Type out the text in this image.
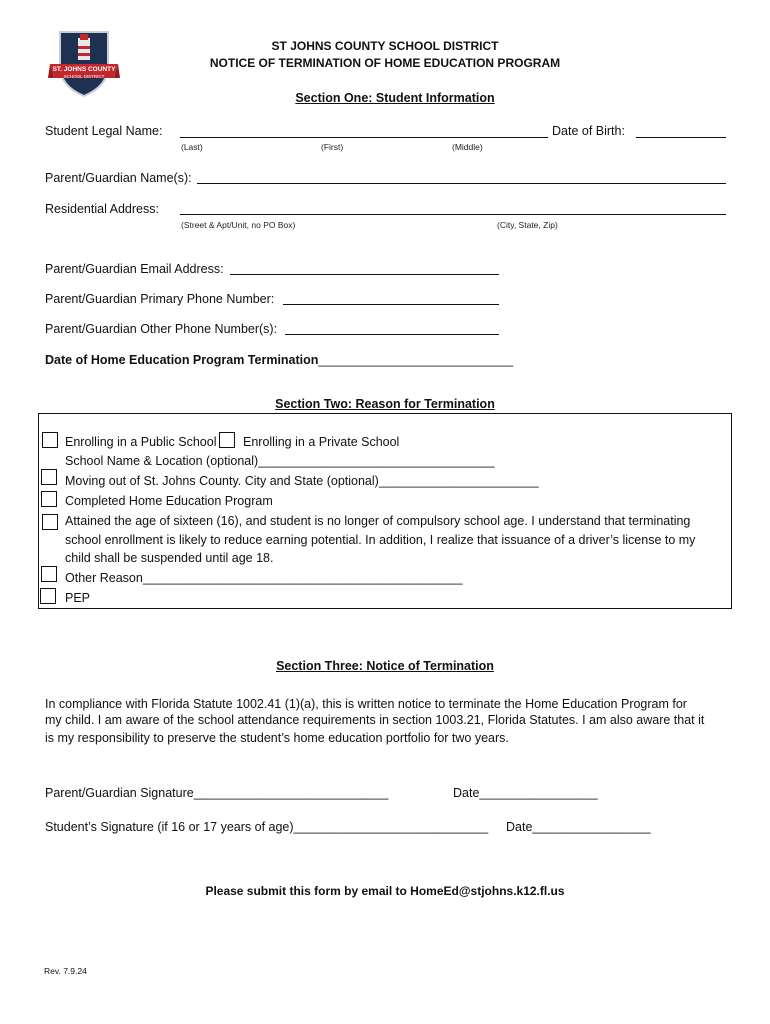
ST. JOHNS COUNTY
SCHOOL DISTRICT
ST JOHNS COUNTY SCHOOL DISTRICT
NOTICE OF TERMINATION OF HOME EDUCATION PROGRAM
Section One: Student Information
Student Legal Name:	Date of Birth:
(Last)	(First)	(Middle)
Parent/Guardian Name(s):
Residential Address:
(Street & Apt/Unit, no PO Box)	(City, State, Zip)
Parent/Guardian Email Address:
Parent/Guardian Primary Phone Number:
Parent/Guardian Other Phone Number(s):
Date of Home Education Program Termination____________________________
Section Two: Reason for Termination
Enrolling in a Public School Enrolling in a Private School
School Name & Location (optional)__________________________________
Moving out of St. Johns County. City and State (optional)_______________________
Completed Home Education Program
Attained the age of sixteen (16), and student is no longer of compulsory school age. I understand that terminating
school enrollment is likely to reduce earning potential. In addition, I realize that issuance of a driver’s license to my
child shall be suspended until age 18.
Other Reason______________________________________________
PEP
Section Three: Notice of Termination
In compliance with Florida Statute 1002.41 (1)(a), this is written notice to terminate the Home Education Program for
my child. I am aware of the school attendance requirements in section 1003.21, Florida Statutes. I am also aware that it
is my responsibility to preserve the student’s home education portfolio for two years.
Parent/Guardian Signature____________________________	Date_________________
Student’s Signature (if 16 or 17 years of age)____________________________ Date_________________
Please submit this form by email to HomeEd@stjohns.k12.fl.us
Rev. 7.9.24
